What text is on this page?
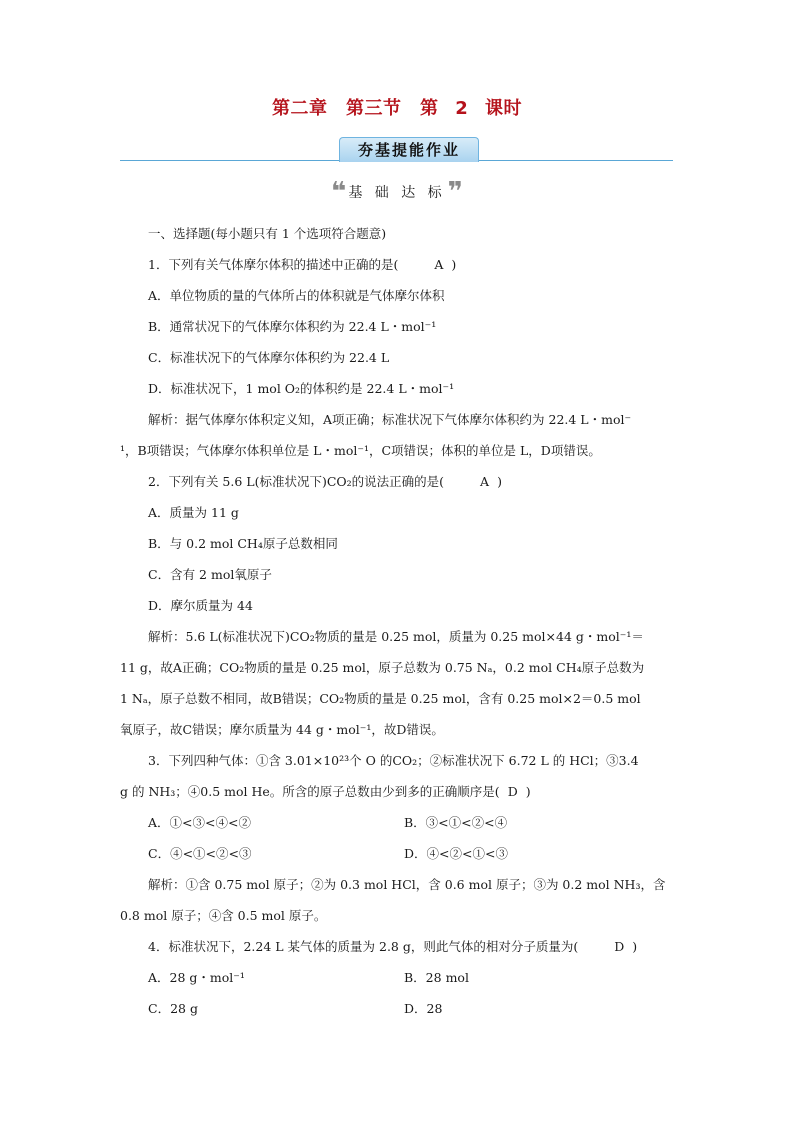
第二章　第三节　第 2 课时
夯基提能作业
❝ 基 础 达 标❞

一、选择题(每小题只有 1 个选项符合题意)

1．下列有关气体摩尔体积的描述中正确的是(	A )

A．单位物质的量的气体所占的体积就是气体摩尔体积

B．通常状况下的气体摩尔体积约为 22.4 L・mol⁻¹

C．标准状况下的气体摩尔体积约为 22.4 L

D．标准状况下，1 mol O₂的体积约是 22.4 L・mol⁻¹

解析：据气体摩尔体积定义知，A项正确；标准状况下气体摩尔体积约为 22.4 L・mol⁻

¹，B项错误；气体摩尔体积单位是 L・mol⁻¹，C项错误；体积的单位是 L，D项错误。

2．下列有关 5.6 L(标准状况下)CO₂的说法正确的是(	A )

A．质量为 11 g

B．与 0.2 mol CH₄原子总数相同

C．含有 2 mol氧原子

D．摩尔质量为 44

解析：5.6 L(标准状况下)CO₂物质的量是 0.25 mol，质量为 0.25 mol×44 g・mol⁻¹＝

11 g，故A正确；CO₂物质的量是 0.25 mol，原子总数为 0.75 Nₐ，0.2 mol CH₄原子总数为

1 Nₐ，原子总数不相同，故B错误；CO₂物质的量是 0.25 mol，含有 0.25 mol×2＝0.5 mol

氧原子，故C错误；摩尔质量为 44 g・mol⁻¹，故D错误。

3．下列四种气体：①含 3.01×10²³个 O 的CO₂；②标准状况下 6.72 L 的 HCl；③3.4

g 的 NH₃；④0.5 mol He。所含的原子总数由少到多的正确顺序是( D )

A．①<③<④<②	B．③<①<②<④
C．④<①<②<③	D．④<②<①<③

解析：①含 0.75 mol 原子；②为 0.3 mol HCl，含 0.6 mol 原子；③为 0.2 mol NH₃，含

0.8 mol 原子；④含 0.5 mol 原子。

4．标准状况下，2.24 L 某气体的质量为 2.8 g，则此气体的相对分子质量为(	D )

A．28 g・mol⁻¹	B．28 mol
C．28 g	D．28
